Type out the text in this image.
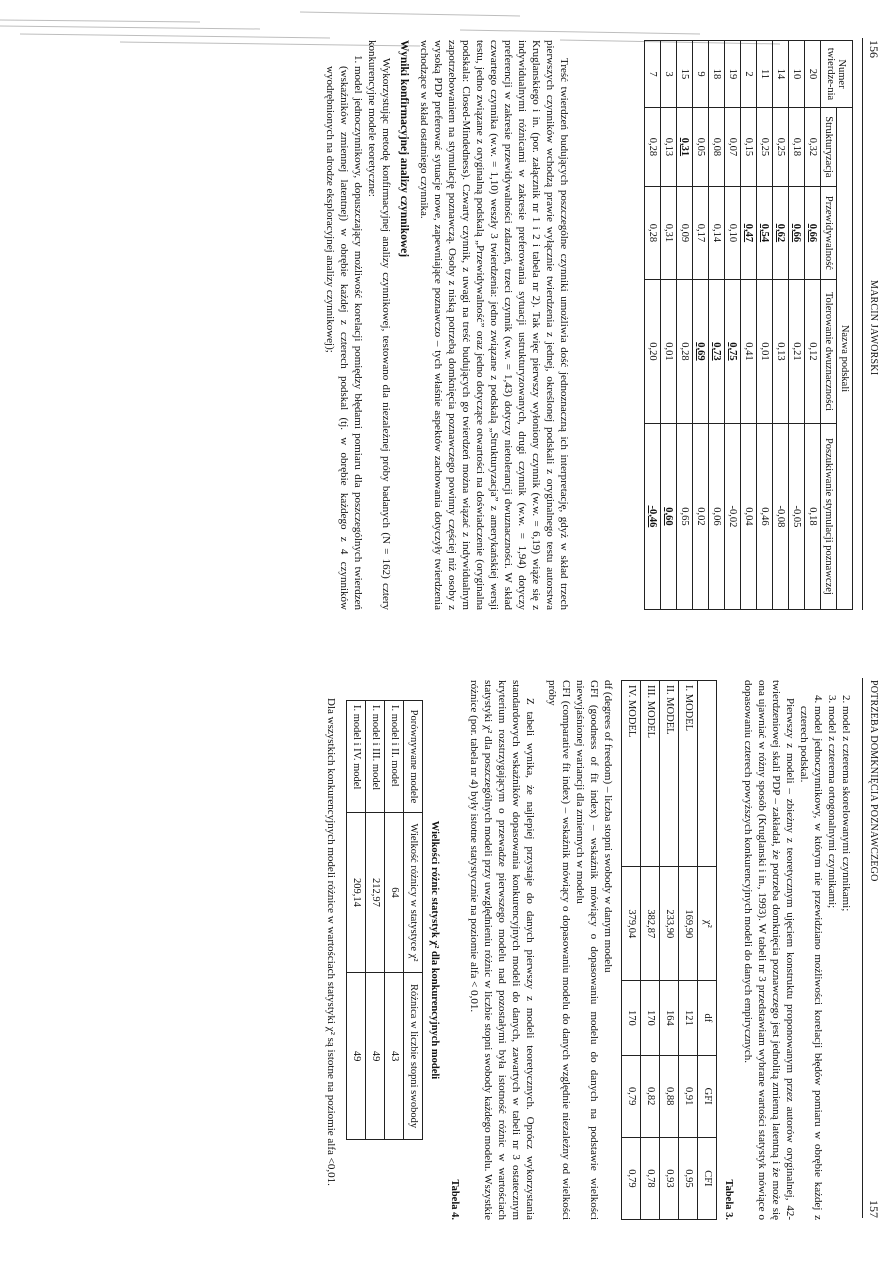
156
MARCIN JAWORSKI
Numer twierdze-nia	Nazwa podskali			
	Strukturyzacja	Przewidywalność	Tolerowanie dwuznaczności	Poszukiwanie stymulacji poznawczej
20	0,32	0,66	0,12	0,18
10	0,18	0,66	0,21	-0,05
14	0,25	0,62	0,13	-0,08
11	0,25	0,54	0,01	0,46
2	0,15	0,47	0,41	0,04
19	0,07	0,10	0,75	-0,02
18	0,08	0,14	0,73	0,06
9	0,05	0,17	0,69	0,02
15	0,31	0,09	0,28	0,65
3	0,13	0,31	0,01	0,60
7	0,28	0,28	0,20	-0,46

Treść twierdzeń budujących poszczególne czynniki umożliwia dość jednoznaczną ich interpretację, gdyż w skład trzech pierwszych czynników wchodzą prawie wyłącznie twierdzenia z jednej, określonej podskali z oryginalnego testu autorstwa Kruglanskiego i in. (por. załącznik nr 1 i 2 i tabela nr 2). Tak więc pierwszy wyłoniony czynnik (w.w. = 6,19) wiąże się z indywidualnymi różnicami w zakresie preferowania sytuacji ustrukturyzowanych, drugi czynnik (w.w. = 1,94) dotyczy preferencji w zakresie przewidywalności zdarzeń, trzeci czynnik (w.w. = 1,43) dotyczy nietolerancji dwuznaczności. W skład czwartego czynnika (w.w. = 1,10) weszły 3 twierdzenia: jedno związane z podskalą „Strukturyzacja” z amerykańskiej wersji testu, jedno związane z oryginalną podskalą „Przewidywalność” oraz jedno dotyczące otwartości na doświadczenie (oryginalna podskala: Closed-Mindedness). Czwarty czynnik, z uwagi na treść budujących go twierdzeń można wiązać z indywidualnym zapotrzebowaniem na stymulację poznawczą. Osoby z niską potrzebą domknięcia poznawczego powinny częściej niż osoby z wysoką PDP preferować sytuacje nowe, zapewniające poznawczo – tych właśnie aspektów zachowania dotyczyły twierdzenia wchodzące w skład ostatniego czynnika.

Wyniki konfirmacyjnej analizy czynnikowej

Wykorzystując metodę konfirmacyjnej analizy czynnikowej, testowano dla niezależnej próby badanych (N = 162) cztery konkurencyjne modele teoretyczne:

1. model jednoczynnikowy, dopuszczający możliwość korelacji pomiędzy błędami pomiaru dla poszczególnych twierdzeń (wskaźników zmiennej latentnej) w obrębie każdej z czterech podskal (tj. w obrębie każdego z 4 czynników wyodrębnionych na drodze eksploracyjnej analizy czynnikowej);
POTRZEBA DOMKNIĘCIA POZNAWCZEGO
157
2. model z czterema skorelowanymi czynnikami;
3. model z czterema ortogonalnymi czynnikami;
4. model jednoczynnikowy, w którym nie przewidziano możliwości korelacji błędów pomiaru w obrębie każdej z czterech podskal.

Pierwszy z modeli – zbieżny z teoretycznym ujęciem konstruktu proponowanym przez autorów oryginalnej, 42-twierdzeniowej skali PDP – zakładał, że potrzeba domknięcia poznawczego jest jednolitą zmienną latentną i że może się ona ujawniać w różny sposób (Kruglanski i in., 1993). W tabeli nr 3 przedstawiam wybrane wartości statystyk mówiące o dopasowaniu czterech powyższych konkurencyjnych modeli do danych empirycznych.

Tabela 3.
	χ²	df	GFI	CFI
I. MODEL	169,90	121	0,91	0,95
II. MODEL	233,90	164	0,88	0,93
III. MODEL	382,87	170	0,82	0,78
IV. MODEL	379,04	170	0,79	0,79
df (degrees of freedom) – liczba stopni swobody w danym modelu
GFI (goodness of fit index) – wskaźnik mówiący o dopasowaniu modelu do danych na podstawie wielkości niewyjaśnionej wariancji dla zmiennych w modelu
CFI (comparative fit index) – wskaźnik mówiący o dopasowaniu modelu do danych względnie niezależny od wielkości próby

Z tabeli wynika, że najlepiej przystaje do danych pierwszy z modeli teoretycznych. Oprócz wykorzystania standardowych wskaźników dopasowania konkurencyjnych modeli do danych, zawartych w tabeli nr 3 ostatecznym kryterium rozstrzygającym o przewadze pierwszego modelu nad pozostałymi była istotność różnic w wartościach statystyki χ² dla poszczególnych modeli przy uwzględnieniu różnic w liczbie stopni swobody każdego modelu. Wszystkie różnice (por. tabela nr 4) były istotne statystycznie na poziomie alfa < 0,01.

Tabela 4.
Wielkości różnic statystyk χ² dla konkurencyjnych modeli
Porównywane modele	Wielkość różnicy w statystyce χ²	Różnica w liczbie stopni swobody
I. model i II. model	64	43
I. model i III. model	212,97	49
I. model i IV. model	209,14	49

Dla wszystkich konkurencyjnych modeli różnice w wartościach statystyki χ² są istotne na poziomie alfa <0,01.
